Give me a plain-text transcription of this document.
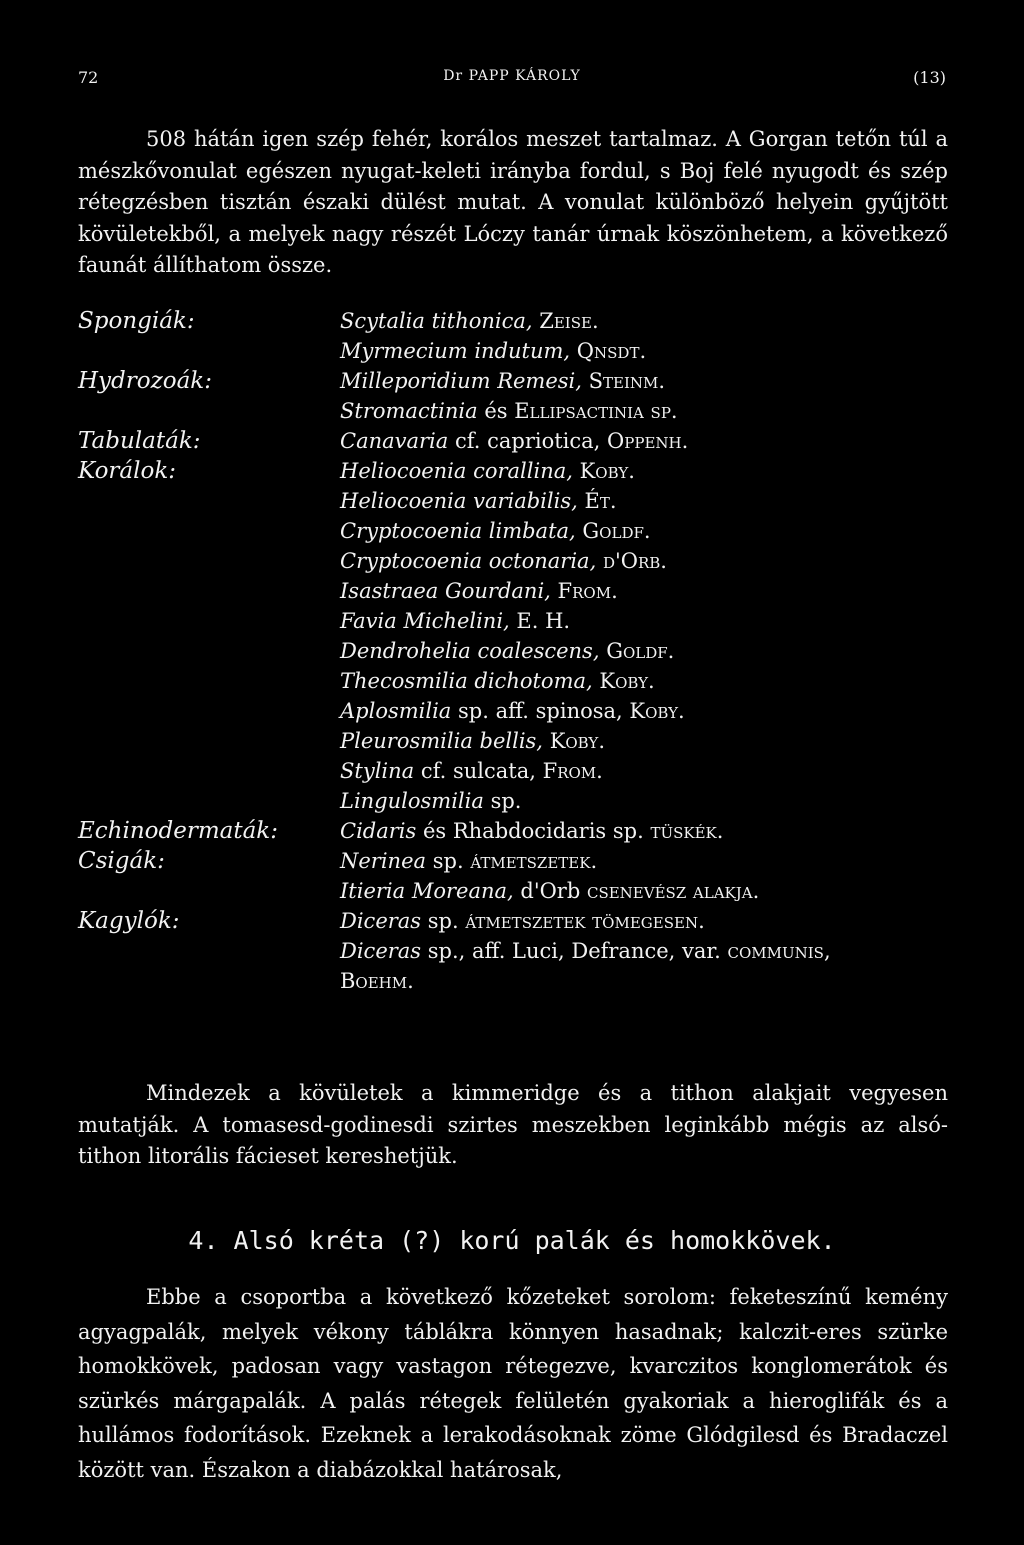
72	Dr PAPP KÁROLY	(13)
508 hátán igen szép fehér, korálos meszet tartalmaz. A Gorgan tetőn túl a mészkővonulat egészen nyugat-keleti irányba fordul, s Boj felé nyugodt és szép rétegzésben tisztán északi dülést mutat. A vonulat különböző helyein gyűjtött kövületekből, a melyek nagy részét Lóczy tanár úrnak köszönhetem, a következő faunát állíthatom össze.
Spongiák:	Scytalia tithonica, Zeise.
Myrmecium indutum, Qnsdt.
Hydrozoák:	Milleporidium Remesi, Steinm.
Stromactinia és Ellipsactinia sp.
Tabulaták:	Canavaria cf. capriotica, Oppenh.
Korálok:	Heliocoenia corallina, Koby.
Heliocoenia variabilis, Ét.
Cryptocoenia limbata, Goldf.
Cryptocoenia octonaria, d'Orb.
Isastraea Gourdani, From.
Favia Michelini, E. H.
Dendrohelia coalescens, Goldf.
Thecosmilia dichotoma, Koby.
Aplosmilia sp. aff. spinosa, Koby.
Pleurosmilia bellis, Koby.
Stylina cf. sulcata, From.
Lingulosmilia sp.
Echinodermaták:	Cidaris és Rhabdocidaris sp. tüskék.
Csigák:	Nerinea sp. átmetszetek.
Itieria Moreana, d'Orb csenevész alakja.
Kagylók:	Diceras sp. átmetszetek tömegesen.
Diceras sp., aff. Luci, Defrance, var. communis,
Boehm.
Mindezek a kövületek a kimmeridge és a tithon alakjait vegyesen mutatják. A tomasesd-godinesdi szirtes meszekben leginkább mégis az alsó-tithon litorális fácieset kereshetjük.
4. Alsó kréta (?) korú palák és homokkövek.
Ebbe a csoportba a következő kőzeteket sorolom: feketeszínű kemény agyagpalák, melyek vékony táblákra könnyen hasadnak; kalczit-eres szürke homokkövek, padosan vagy vastagon rétegezve, kvarczitos konglomerátok és szürkés márgapalák. A palás rétegek felületén gyakoriak a hieroglifák és a hullámos fodorítások. Ezeknek a lerakodásoknak zöme Glódgilesd és Bradaczel között van. Északon a diabázokkal határosak,
